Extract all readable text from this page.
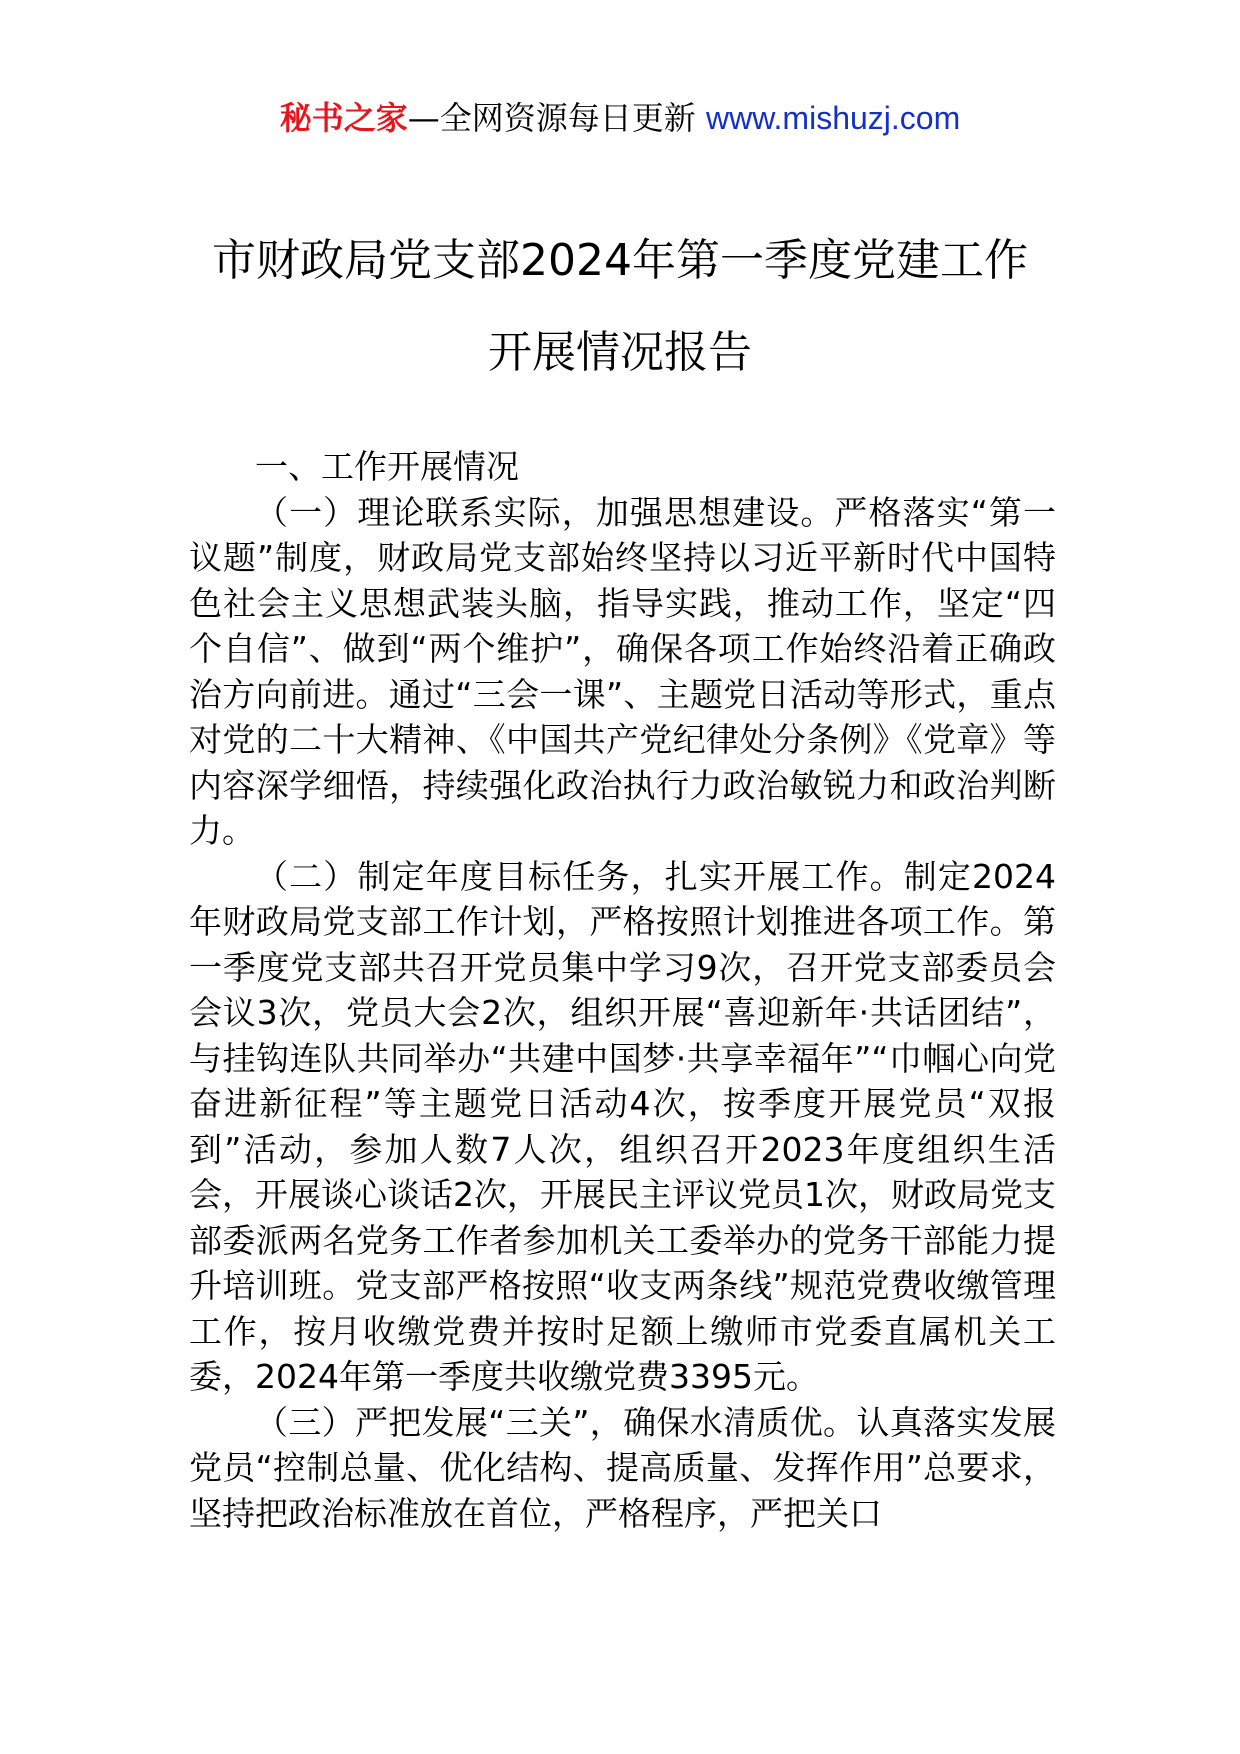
秘书之家—全网资源每日更新 www.mishuzj.com
市财政局党支部2024年第一季度党建工作
开展情况报告
一、工作开展情况

（一）理论联系实际，加强思想建设。严格落实“第一议题”制度，财政局党支部始终坚持以习近平新时代中国特色社会主义思想武装头脑，指导实践，推动工作，坚定“四个自信”、做到“两个维护”，确保各项工作始终沿着正确政治方向前进。通过“三会一课”、主题党日活动等形式，重点对党的二十大精神、《中国共产党纪律处分条例》《党章》等内容深学细悟，持续强化政治执行力政治敏锐力和政治判断力。

（二）制定年度目标任务，扎实开展工作。制定2024年财政局党支部工作计划，严格按照计划推进各项工作。第一季度党支部共召开党员集中学习9次，召开党支部委员会会议3次，党员大会2次，组织开展“喜迎新年·共话团结”，与挂钩连队共同举办“共建中国梦·共享幸福年”“巾帼心向党奋进新征程”等主题党日活动4次，按季度开展党员“双报到”活动，参加人数7人次，组织召开2023年度组织生活会，开展谈心谈话2次，开展民主评议党员1次，财政局党支部委派两名党务工作者参加机关工委举办的党务干部能力提升培训班。党支部严格按照“收支两条线”规范党费收缴管理工作，按月收缴党费并按时足额上缴师市党委直属机关工委，2024年第一季度共收缴党费3395元。

（三）严把发展“三关”，确保水清质优。认真落实发展党员“控制总量、优化结构、提高质量、发挥作用”总要求，坚持把政治标准放在首位，严格程序，严把关口
